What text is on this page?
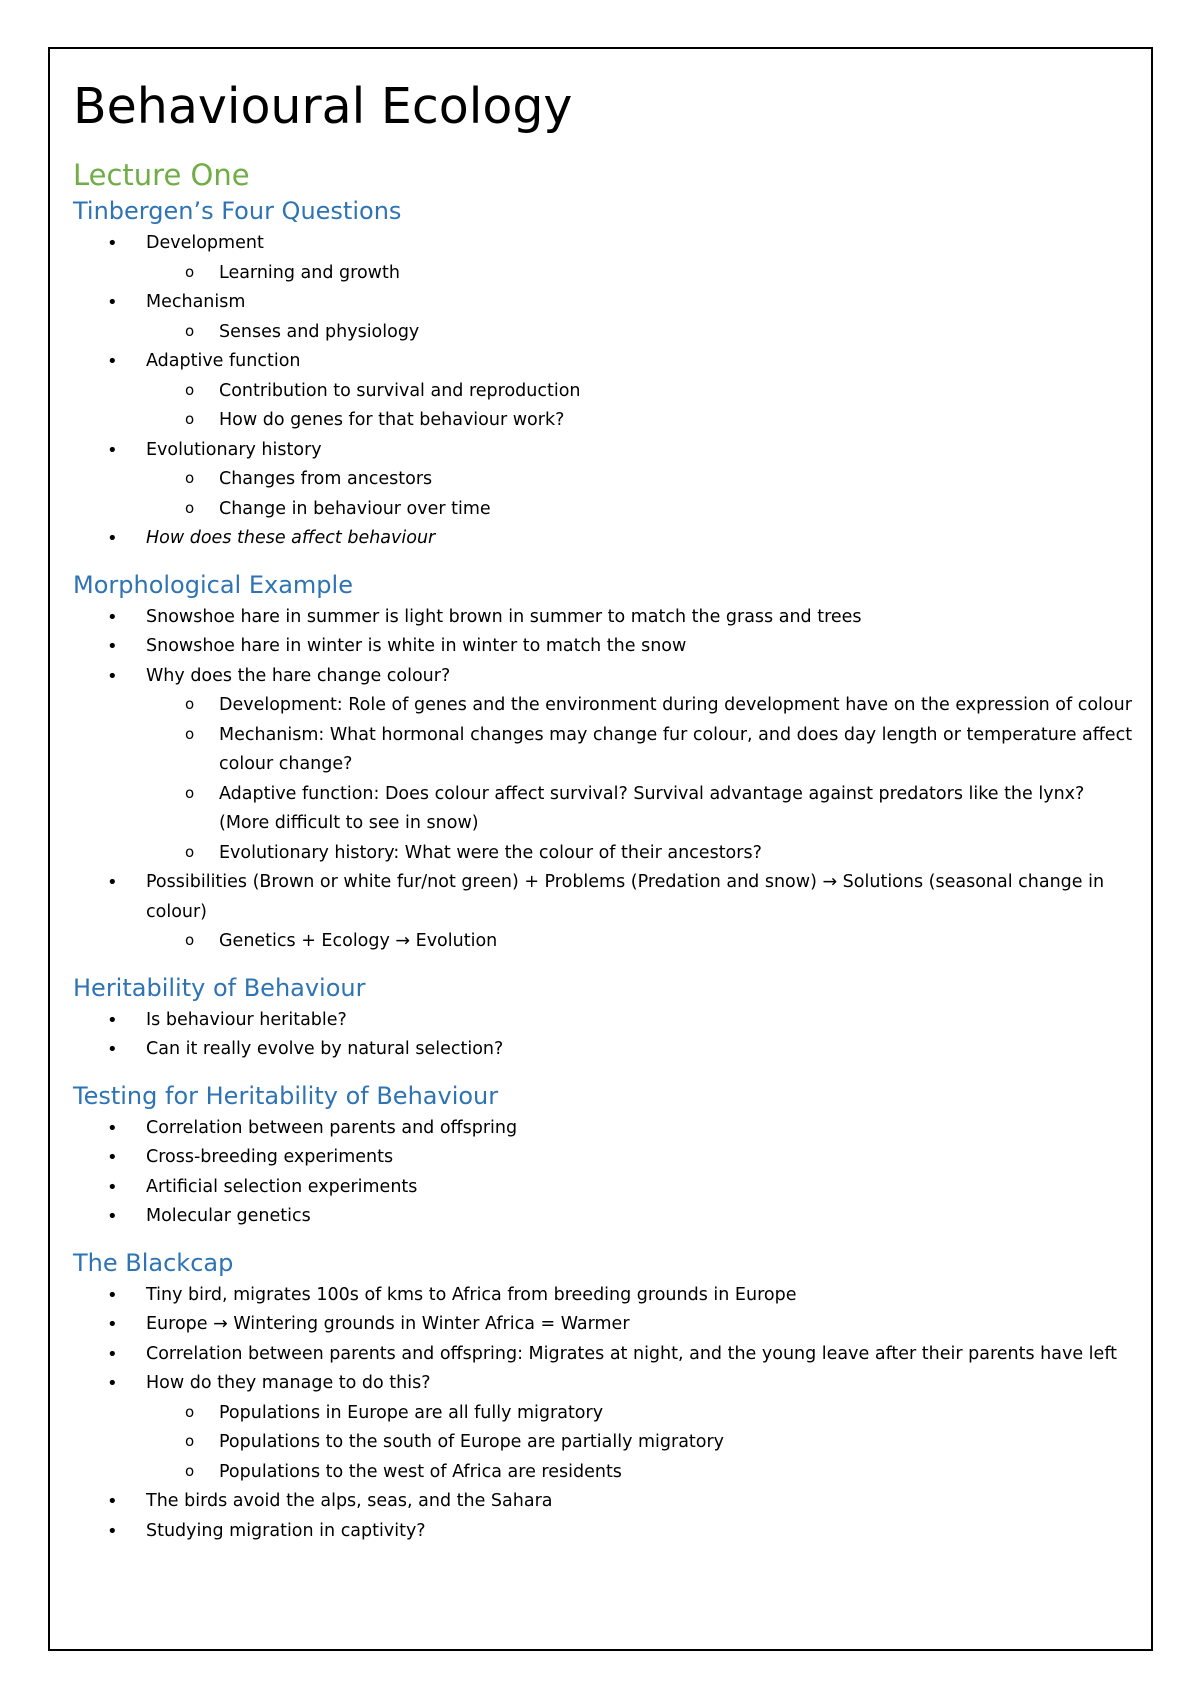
Behavioural Ecology
Lecture One
Tinbergen’s Four Questions
• Development
o Learning and growth
• Mechanism
o Senses and physiology
• Adaptive function
o Contribution to survival and reproduction
o How do genes for that behaviour work?
• Evolutionary history
o Changes from ancestors
o Change in behaviour over time
• How does these affect behaviour
Morphological Example
• Snowshoe hare in summer is light brown in summer to match the grass and trees
• Snowshoe hare in winter is white in winter to match the snow
• Why does the hare change colour?
o Development: Role of genes and the environment during development have on the expression of colour
o Mechanism: What hormonal changes may change fur colour, and does day length or temperature affect colour change?
o Adaptive function: Does colour affect survival? Survival advantage against predators like the lynx? (More difficult to see in snow)
o Evolutionary history: What were the colour of their ancestors?
• Possibilities (Brown or white fur/not green) + Problems (Predation and snow) → Solutions (seasonal change in colour)
o Genetics + Ecology → Evolution
Heritability of Behaviour
• Is behaviour heritable?
• Can it really evolve by natural selection?
Testing for Heritability of Behaviour
• Correlation between parents and offspring
• Cross-breeding experiments
• Artificial selection experiments
• Molecular genetics
The Blackcap
• Tiny bird, migrates 100s of kms to Africa from breeding grounds in Europe
• Europe → Wintering grounds in Winter Africa = Warmer
• Correlation between parents and offspring: Migrates at night, and the young leave after their parents have left
• How do they manage to do this?
o Populations in Europe are all fully migratory
o Populations to the south of Europe are partially migratory
o Populations to the west of Africa are residents
• The birds avoid the alps, seas, and the Sahara
• Studying migration in captivity?
